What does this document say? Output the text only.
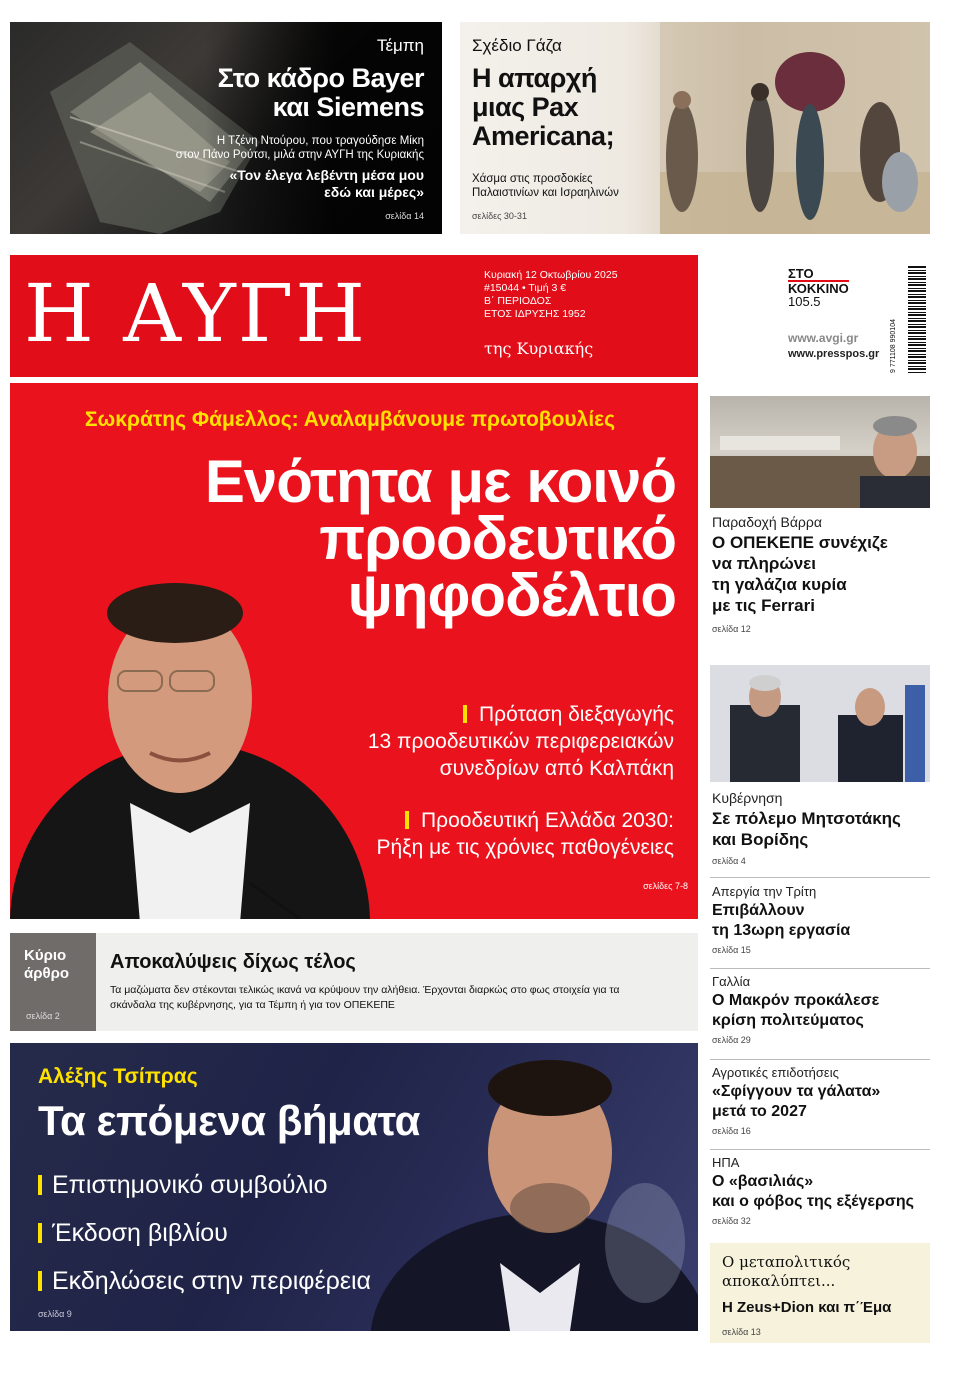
Τέμπη
Στο κάδρο Bayer
και Siemens
Η Τζένη Ντούρου, που τραγούδησε Μίκη
στον Πάνο Ρούτσι, μιλά στην ΑΥΓΗ της Κυριακής
«Τον έλεγα λεβέντη μέσα μου
εδώ και μέρες»
σελίδα 14
Σχέδιο Γάζα
Η απαρχή
μιας Pax
Americana;
Χάσμα στις προσδοκίες
Παλαιστινίων και Ισραηλινών
σελίδες 30-31
Η ΑΥΓΗ	Κυριακή 12 Οκτωβρίου 2025
#15044 • Τιμή 3 €
Β΄ ΠΕΡΙΟΔΟΣ
ΕΤΟΣ ΙΔΡΥΣΗΣ 1952
της Κυριακής
ΣΤΟ
ΚΟΚΚΙΝΟ
105.5
www.avgi.gr
www.presspos.gr 9 771108 990104
Σωκράτης Φάμελλος: Αναλαμβάνουμε πρωτοβουλίες
Ενότητα με κοινό
προοδευτικό
ψηφοδέλτιο
Πρόταση διεξαγωγής
13 προοδευτικών περιφερειακών
συνεδρίων από Καλπάκη
Προοδευτική Ελλάδα 2030:
Ρήξη με τις χρόνιες παθογένειες
σελίδες 7-8
Κύριο
άρθρο
σελίδα 2
Αποκαλύψεις δίχως τέλος
Τα μαζώματα δεν στέκονται τελικώς ικανά να κρύψουν την αλήθεια. Έρχονται διαρκώς στο φως στοιχεία για τα
σκάνδαλα της κυβέρνησης, για τα Τέμπη ή για τον ΟΠΕΚΕΠΕ
Αλέξης Τσίπρας
Τα επόμενα βήματα
Επιστημονικό συμβούλιο
Έκδοση βιβλίου
Εκδηλώσεις στην περιφέρεια
σελίδα 9
Παραδοχή Βάρρα
Ο ΟΠΕΚΕΠΕ συνέχιζε
να πληρώνει
τη γαλάζια κυρία
με τις Ferrari
σελίδα 12
Κυβέρνηση
Σε πόλεμο Μητσοτάκης
και Βορίδης
σελίδα 4
Απεργία την Τρίτη
Επιβάλλουν
τη 13ωρη εργασία
σελίδα 15
Γαλλία
Ο Μακρόν προκάλεσε
κρίση πολιτεύματος
σελίδα 29
Αγροτικές επιδοτήσεις
«Σφίγγουν τα γάλατα»
μετά το 2027
σελίδα 16
ΗΠΑ
Ο «βασιλιάς»
και ο φόβος της εξέγερσης
σελίδα 32
Ο μεταπολιτικός
αποκαλύπτει...
Η Zeus+Dion και π΄Έμα
σελίδα 13
